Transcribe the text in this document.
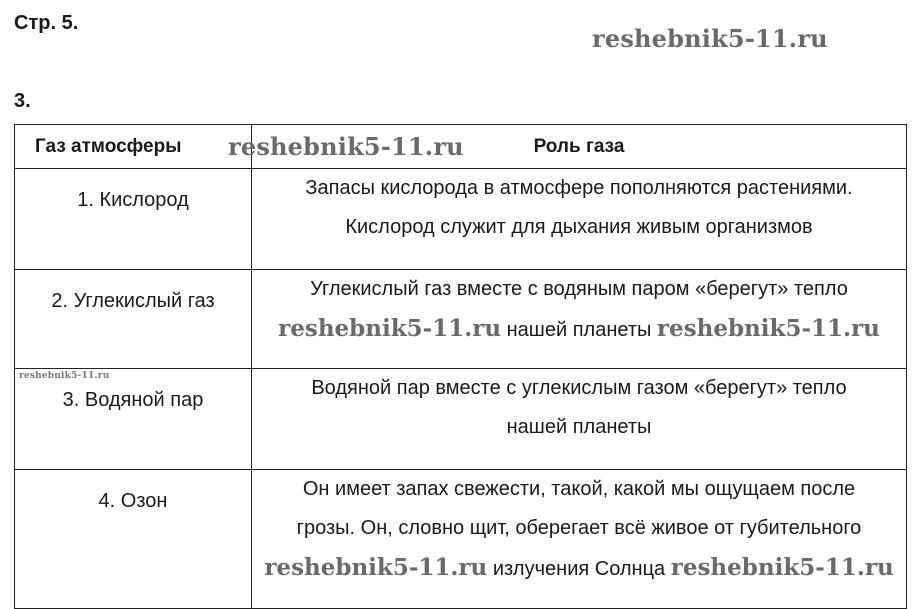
Стр. 5.
3.
reshebnik5-11.ru
Газ атмосферы	Роль газа
1. Кислород	Запасы кислорода в атмосфере пополняются растениями.
Кислород служит для дыхания живым организмов

2. Углекислый газ	Углекислый газ вместе с водяным паром «берегут» тепло
reshebnik5-11.ru нашей планеты reshebnik5-11.ru

reshebnik5-11.ru
3. Водяной пар	Водяной пар вместе с углекислым газом «берегут» тепло
нашей планеты

4. Озон	Он имеет запах свежести, такой, какой мы ощущаем после
грозы. Он, словно щит, оберегает всё живое от губительного
reshebnik5-11.ru излучения Солнца reshebnik5-11.ru
reshebnik5-11.ru
